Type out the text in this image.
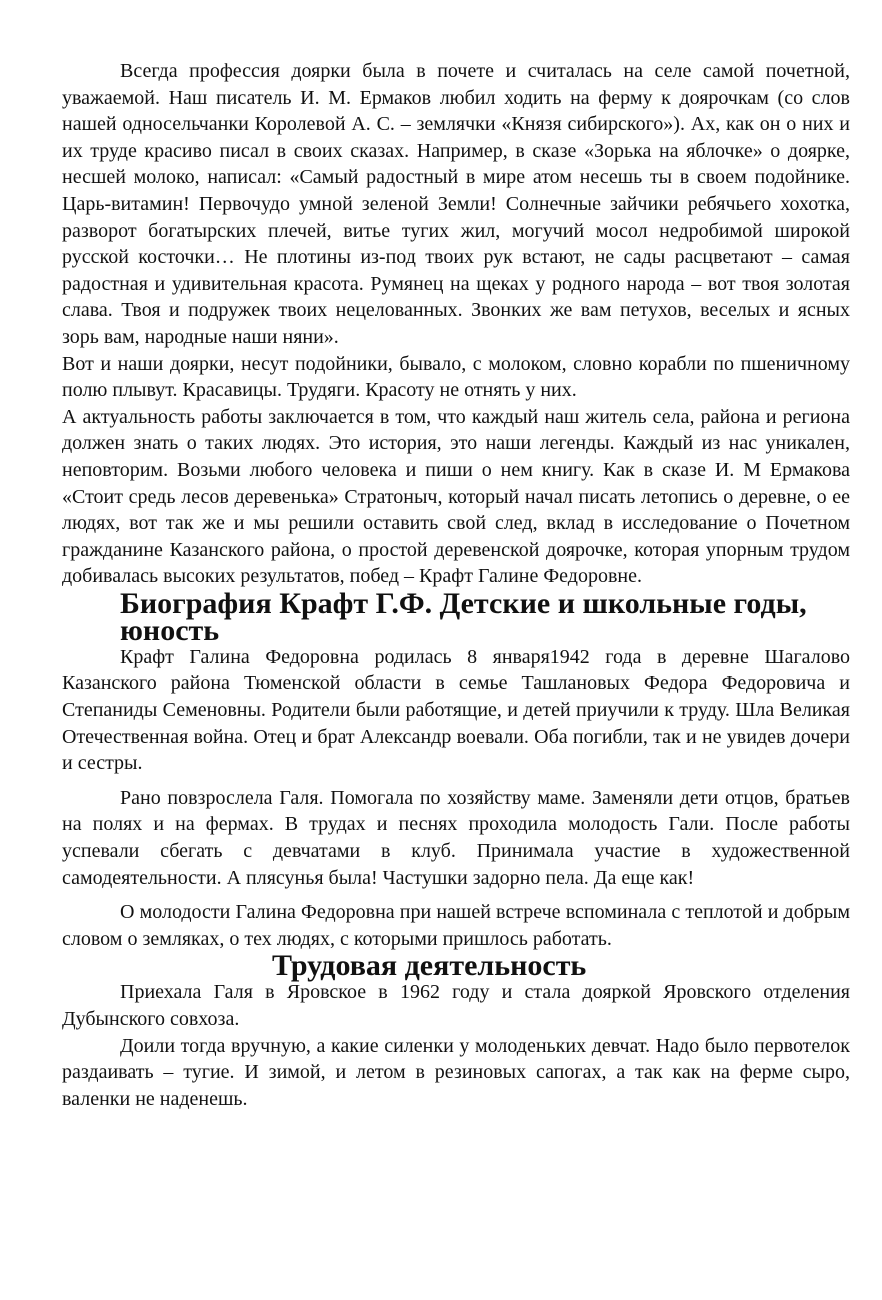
Всегда профессия доярки была в почете и считалась на селе самой почетной, уважаемой. Наш писатель И. М. Ермаков любил ходить на ферму к доярочкам (со слов нашей односельчанки Королевой А. С. – землячки «Князя сибирского»). Ах, как он о них и их труде красиво писал в своих сказах. Например, в сказе «Зорька на яблочке» о доярке, несшей молоко, написал: «Самый радостный в мире атом несешь ты в своем подойнике. Царь-витамин! Первочудо умной зеленой Земли! Солнечные зайчики ребячьего хохотка, разворот богатырских плечей, витье тугих жил, могучий мосол недробимой широкой русской косточки… Не плотины из-под твоих рук встают, не сады расцветают – самая радостная и удивительная красота. Румянец на щеках у родного народа – вот твоя золотая слава. Твоя и подружек твоих нецелованных. Звонких же вам петухов, веселых и ясных зорь вам, народные наши няни».

Вот и наши доярки, несут подойники, бывало, с молоком, словно корабли по пшеничному полю плывут. Красавицы. Трудяги. Красоту не отнять у них.

А актуальность работы заключается в том, что каждый наш житель села, района и региона должен знать о таких людях. Это история, это наши легенды. Каждый из нас уникален, неповторим. Возьми любого человека и пиши о нем книгу. Как в сказе И. М Ермакова «Стоит средь лесов деревенька» Стратоныч, который начал писать летопись о деревне, о ее людях, вот так же и мы решили оставить свой след, вклад в исследование о Почетном гражданине Казанского района, о простой деревенской доярочке, которая упорным трудом добивалась высоких результатов, побед – Крафт Галине Федоровне.

Биография Крафт Г.Ф. Детские и школьные годы, юность

Крафт Галина Федоровна родилась 8 января1942 года в деревне Шагалово Казанского района Тюменской области в семье Ташлановых Федора Федоровича и Степаниды Семеновны. Родители были работящие, и детей приучили к труду. Шла Великая Отечественная война. Отец и брат Александр воевали. Оба погибли, так и не увидев дочери и сестры.

Рано повзрослела Галя. Помогала по хозяйству маме. Заменяли дети отцов, братьев на полях и на фермах. В трудах и песнях проходила молодость Гали. После работы успевали сбегать с девчатами в клуб. Принимала участие в художественной самодеятельности. А плясунья была! Частушки задорно пела. Да еще как!

О молодости Галина Федоровна при нашей встрече вспоминала с теплотой и добрым словом о земляках, о тех людях, с которыми пришлось работать.

Трудовая деятельность

Приехала Галя в Яровское в 1962 году и стала дояркой Яровского отделения Дубынского совхоза.

Доили тогда вручную, а какие силенки у молоденьких девчат. Надо было первотелок раздаивать – тугие. И зимой, и летом в резиновых сапогах, а так как на ферме сыро, валенки не наденешь.
